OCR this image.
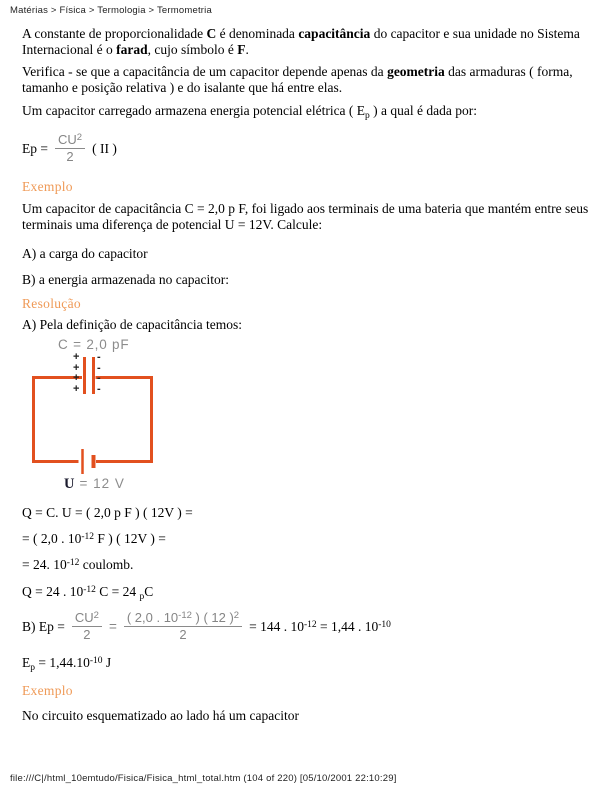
Matérias > Física > Termologia > Termometria
A constante de proporcionalidade C é denominada capacitância do capacitor e sua unidade no Sistema
Internacional é o farad, cujo símbolo é F.
Verifica - se que a capacitância de um capacitor depende apenas da geometria das armaduras ( forma,
tamanho e posição relativa ) e do isalante que há entre elas.
Um capacitor carregado armazena energia potencial elétrica ( $E_p$ ) a qual é dada por:
$Ep = \frac{CU^2}{2}$ ( II )
Exemplo
Um capacitor de capacitância C = 2,0 p F, foi ligado aos terminais de uma bateria que mantém entre seus
terminais uma diferença de potencial U = 12V. Calcule:
A) a carga do capacitor
B) a energia armazenada no capacitor:
Resolução
A) Pela definição de capacitância temos:
C = 2,0 pF
+
+
+
+
-
-
-
-
U = 12 V
Q = C. U = ( 2,0 p F ) ( 12V ) =
= ( 2,0 . $10^{-12}$ F ) ( 12V ) =
= 24. $10^{-12}$ coulomb.
Q = 24 . $10^{-12}$ C = 24 $_p$C
B) $Ep = \frac{CU^2}{2} = \frac{( 2,0 . 10^{-12} ) ( 12 )^2}{2} = 144$ . $10^{-12} = 1,44$ . $10^{-10}$
$E_p = 1,44.10^{-10}$ J
Exemplo
No circuito esquematizado ao lado há um capacitor
file:///C|/html_10emtudo/Fisica/Fisica_html_total.htm (104 of 220) [05/10/2001 22:10:29]
